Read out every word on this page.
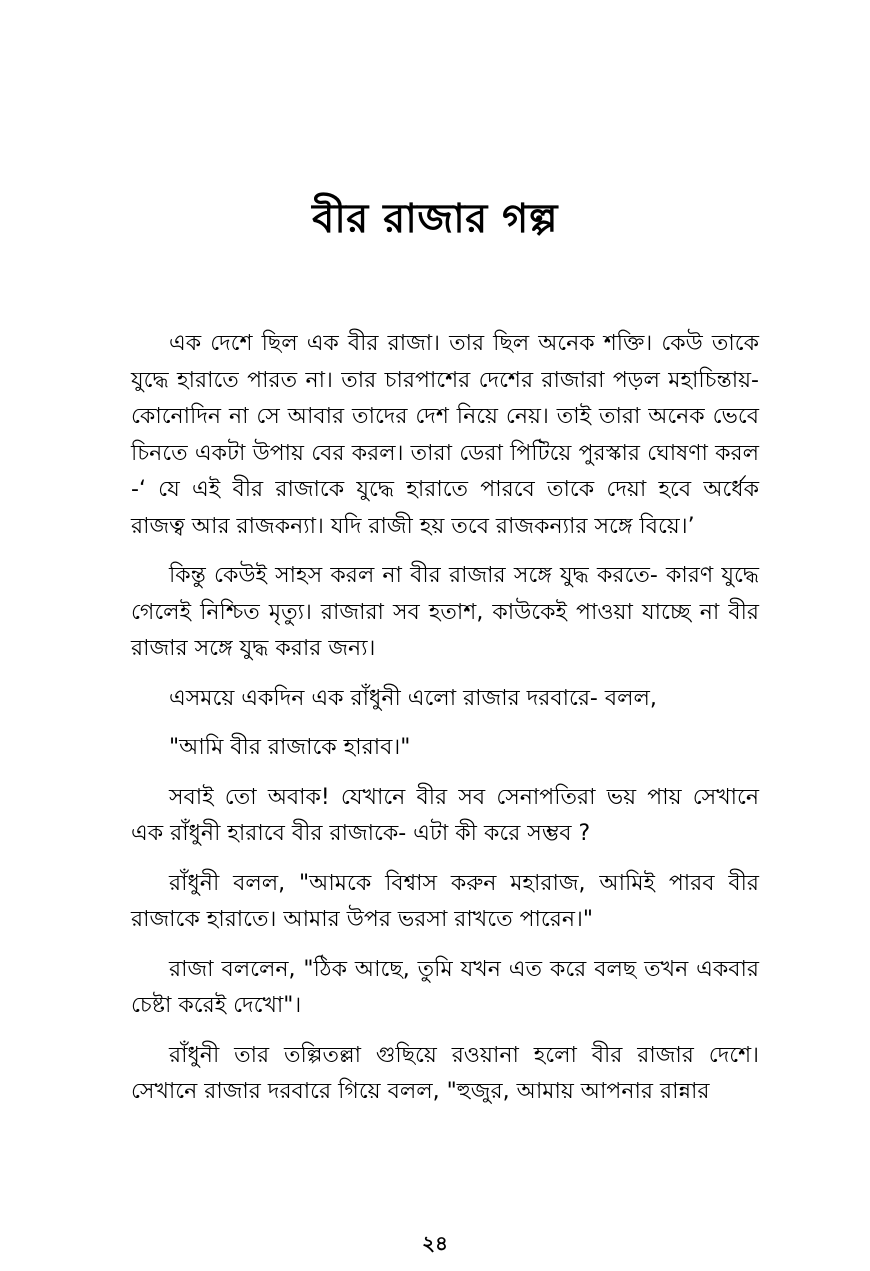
বীর রাজার গল্প

এক দেশে ছিল এক বীর রাজা। তার ছিল অনেক শক্তি। কেউ তাকে যুদ্ধে হারাতে পারত না। তার চারপাশের দেশের রাজারা পড়ল মহাচিন্তায়- কোনোদিন না সে আবার তাদের দেশ নিয়ে নেয়। তাই তারা অনেক ভেবে চিনতে একটা উপায় বের করল। তারা ডেরা পিটিয়ে পুরস্কার ঘোষণা করল -‘ যে এই বীর রাজাকে যুদ্ধে হারাতে পারবে তাকে দেয়া হবে অর্ধেক রাজত্ব আর রাজকন্যা। যদি রাজী হয় তবে রাজকন্যার সঙ্গে বিয়ে।’

কিন্তু কেউই সাহস করল না বীর রাজার সঙ্গে যুদ্ধ করতে- কারণ যুদ্ধে গেলেই নিশ্চিত মৃত্যু। রাজারা সব হতাশ, কাউকেই পাওয়া যাচ্ছে না বীর রাজার সঙ্গে যুদ্ধ করার জন্য।

এসময়ে একদিন এক রাঁধুনী এলো রাজার দরবারে- বলল,

"আমি বীর রাজাকে হারাব।"

সবাই তো অবাক! যেখানে বীর সব সেনাপতিরা ভয় পায় সেখানে এক রাঁধুনী হারাবে বীর রাজাকে- এটা কী করে সম্ভব ?

রাঁধুনী বলল, "আমকে বিশ্বাস করুন মহারাজ, আমিই পারব বীর রাজাকে হারাতে। আমার উপর ভরসা রাখতে পারেন।"

রাজা বললেন, "ঠিক আছে, তুমি যখন এত করে বলছ তখন একবার চেষ্টা করেই দেখো"।

রাঁধুনী তার তল্পিতল্লা গুছিয়ে রওয়ানা হলো বীর রাজার দেশে। সেখানে রাজার দরবারে গিয়ে বলল, "হুজুর, আমায় আপনার রান্নার

২৪
